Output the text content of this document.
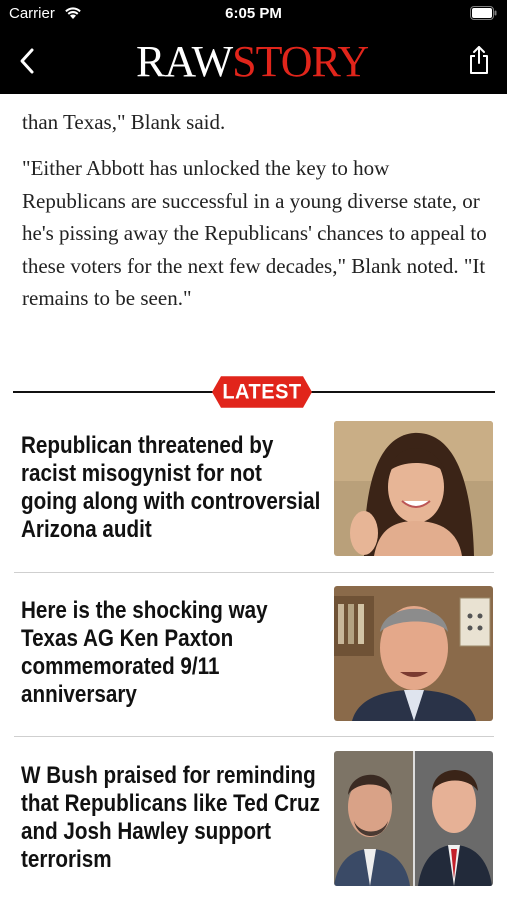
Carrier	6:05 PM
RAW STORY

than Texas," Blank said.

"Either Abbott has unlocked the key to how Republicans are successful in a young diverse state, or he's pissing away the Republicans' chances to appeal to these voters for the next few decades," Blank noted. "It remains to be seen."

LATEST
Republican threatened by racist misogynist for not going along with controversial Arizona audit
Here is the shocking way Texas AG Ken Paxton commemorated 9/11 anniversary
W Bush praised for reminding that Republicans like Ted Cruz and Josh Hawley support terrorism
